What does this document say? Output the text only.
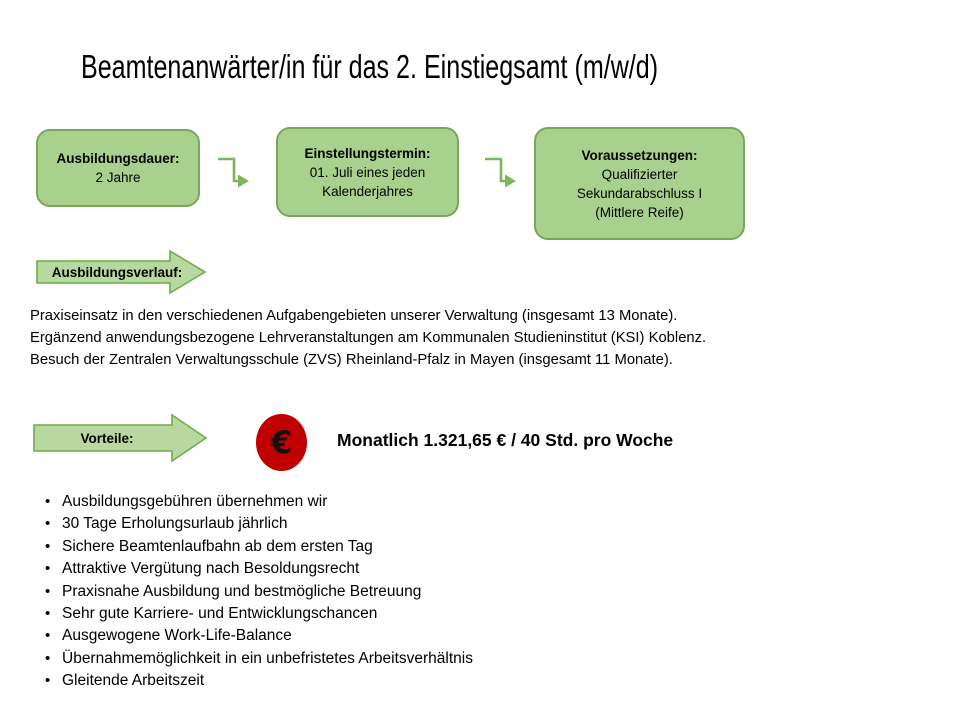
Beamtenanwärter/in für das 2. Einstiegsamt (m/w/d)
Ausbildungsdauer:
2 Jahre
Einstellungstermin:
01. Juli eines jeden
Kalenderjahres
Voraussetzungen:
Qualifizierter
Sekundarabschluss I
(Mittlere Reife)
Ausbildungsverlauf:
Praxiseinsatz in den verschiedenen Aufgabengebieten unserer Verwaltung (insgesamt 13 Monate).
Ergänzend anwendungsbezogene Lehrveranstaltungen am Kommunalen Studieninstitut (KSI) Koblenz.
Besuch der Zentralen Verwaltungsschule (ZVS) Rheinland-Pfalz in Mayen (insgesamt 11 Monate).
Vorteile:	€	Monatlich 1.321,65 € / 40 Std. pro Woche
• Ausbildungsgebühren übernehmen wir
• 30 Tage Erholungsurlaub jährlich
• Sichere Beamtenlaufbahn ab dem ersten Tag
• Attraktive Vergütung nach Besoldungsrecht
• Praxisnahe Ausbildung und bestmögliche Betreuung
• Sehr gute Karriere- und Entwicklungschancen
• Ausgewogene Work-Life-Balance
• Übernahmemöglichkeit in ein unbefristetes Arbeitsverhältnis
• Gleitende Arbeitszeit
